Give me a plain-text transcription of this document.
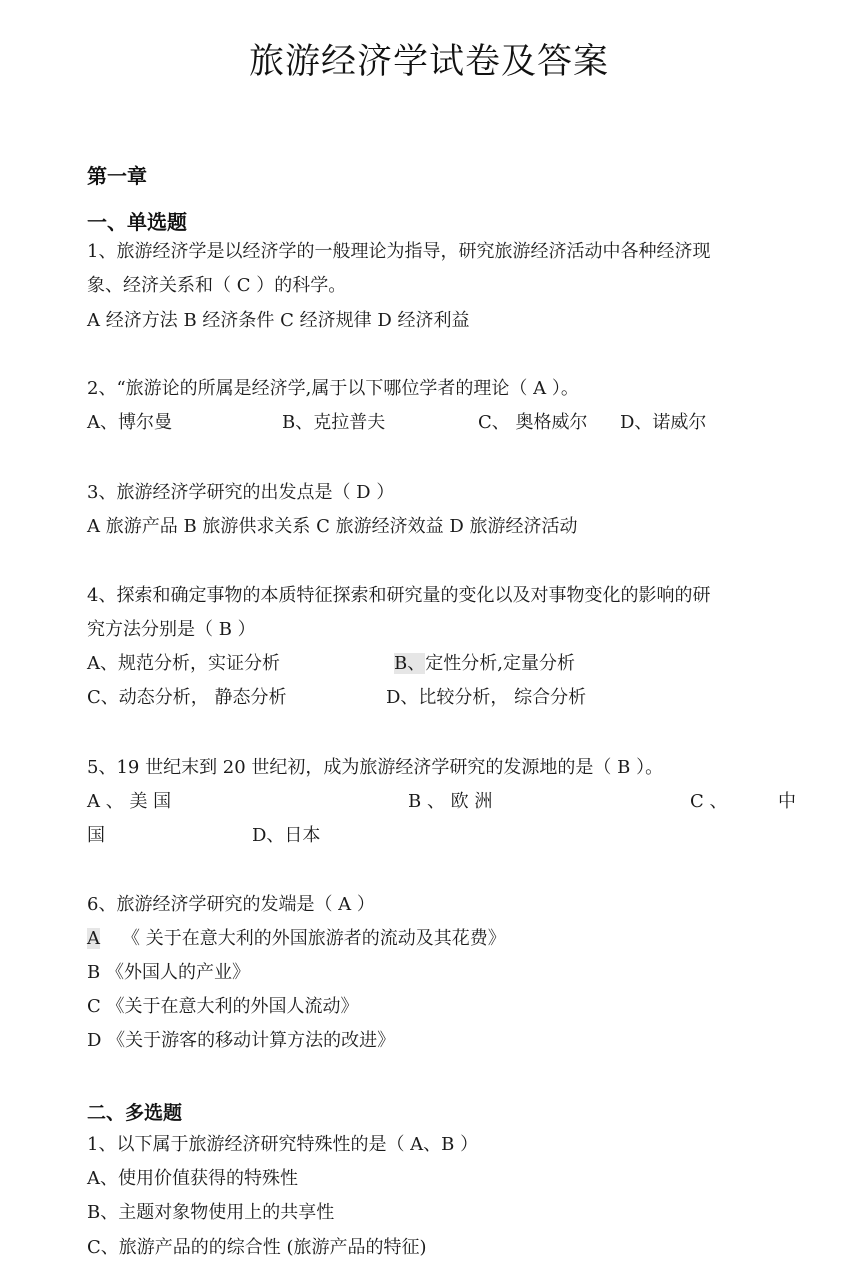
旅游经济学试卷及答案
第一章
一、单选题
1、旅游经济学是以经济学的一般理论为指导，研究旅游经济活动中各种经济现
象、经济关系和（ C ）的科学。
A 经济方法 B 经济条件 C 经济规律 D 经济利益
2、“旅游论的所属是经济学,属于以下哪位学者的理论（ A ）。
A、博尔曼	B、克拉普夫	C、 奥格威尔 D、诺威尔
3、旅游经济学研究的出发点是（ D ）
A 旅游产品 B 旅游供求关系 C 旅游经济效益 D 旅游经济活动
4、探索和确定事物的本质特征探索和研究量的变化以及对事物变化的影响的研
究方法分别是（ B ）
A、规范分析，实证分析	B、定性分析,定量分析
C、动态分析， 静态分析	D、比较分析， 综合分析
5、19 世纪末到 20 世纪初，成为旅游经济学研究的发源地的是（ B ）。
A 、 美 国	B 、 欧 洲	C 、	中
国	D、日本
6、旅游经济学研究的发端是（ A ）
A 《 关于在意大利的外国旅游者的流动及其花费》
B 《外国人的产业》
C 《关于在意大利的外国人流动》
D 《关于游客的移动计算方法的改进》
二、多选题
1、以下属于旅游经济研究特殊性的是（ A、B ）
A、使用价值获得的特殊性
B、主题对象物使用上的共享性
C、旅游产品的的综合性 (旅游产品的特征)
